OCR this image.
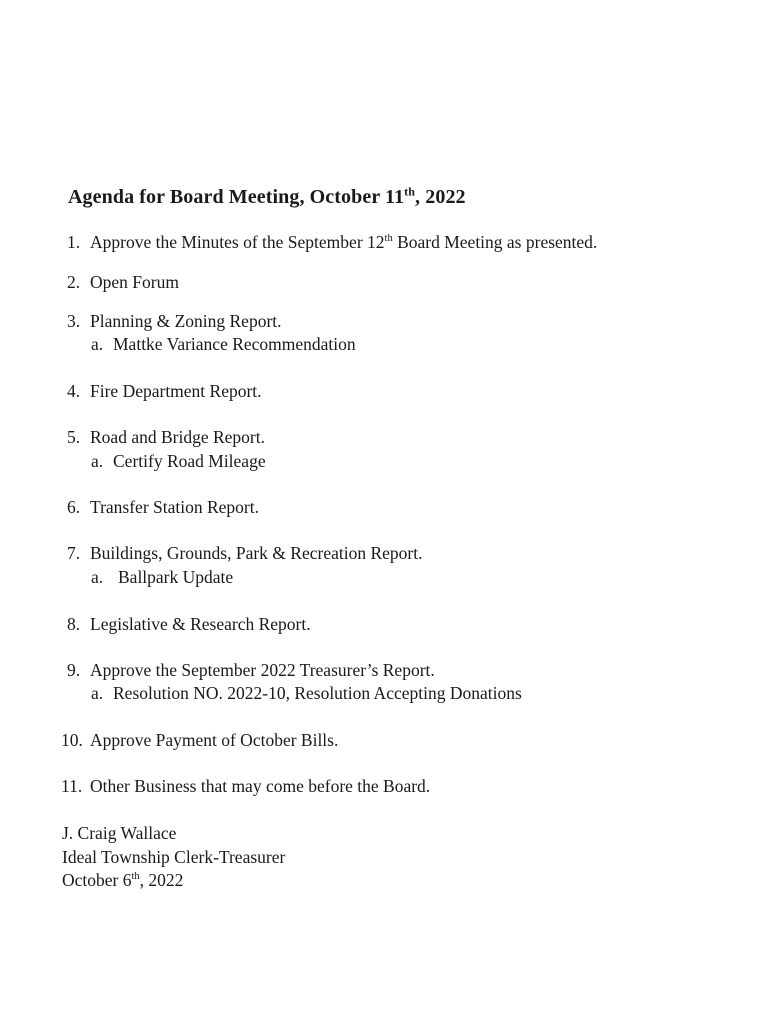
Agenda for Board Meeting, October 11th, 2022
1. Approve the Minutes of the September 12th Board Meeting as presented.
2. Open Forum
3. Planning & Zoning Report.
a. Mattke Variance Recommendation
4. Fire Department Report.
5. Road and Bridge Report.
a. Certify Road Mileage
6. Transfer Station Report.
7. Buildings, Grounds, Park & Recreation Report.
a. Ballpark Update
8. Legislative & Research Report.
9. Approve the September 2022 Treasurer’s Report.
a. Resolution NO. 2022-10, Resolution Accepting Donations
10. Approve Payment of October Bills.
11. Other Business that may come before the Board.
J. Craig Wallace
Ideal Township Clerk-Treasurer
October 6th, 2022
